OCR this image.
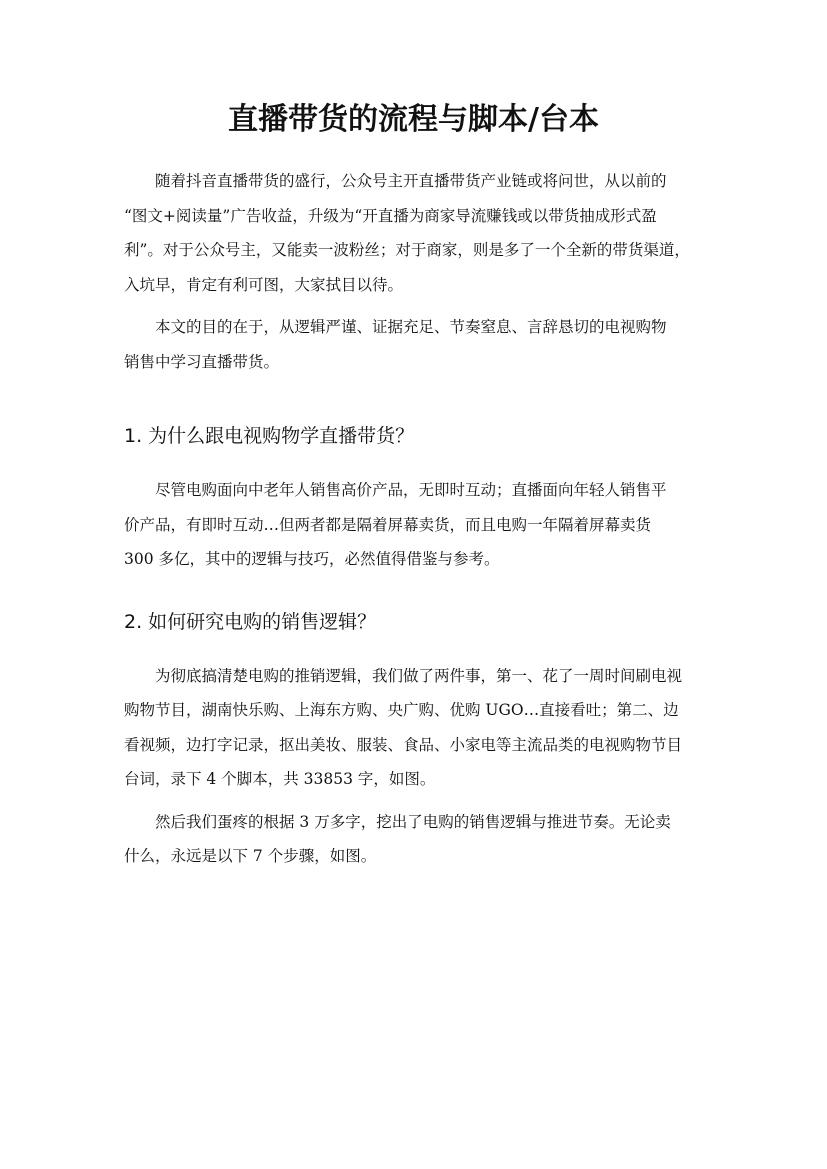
直播带货的流程与脚本/台本

随着抖音直播带货的盛行，公众号主开直播带货产业链或将问世，从以前的
“图文+阅读量”广告收益，升级为“开直播为商家导流赚钱或以带货抽成形式盈
利”。对于公众号主，又能卖一波粉丝；对于商家，则是多了一个全新的带货渠道，
入坑早，肯定有利可图，大家拭目以待。

本文的目的在于，从逻辑严谨、证据充足、节奏窒息、言辞恳切的电视购物
销售中学习直播带货。

1. 为什么跟电视购物学直播带货？

尽管电购面向中老年人销售高价产品，无即时互动；直播面向年轻人销售平
价产品，有即时互动…但两者都是隔着屏幕卖货，而且电购一年隔着屏幕卖货
300 多亿，其中的逻辑与技巧，必然值得借鉴与参考。

2. 如何研究电购的销售逻辑？

为彻底搞清楚电购的推销逻辑，我们做了两件事，第一、花了一周时间刷电视
购物节目，湖南快乐购、上海东方购、央广购、优购 UGO…直接看吐；第二、边
看视频，边打字记录，抠出美妆、服装、食品、小家电等主流品类的电视购物节目
台词，录下 4 个脚本，共 33853 字，如图。

然后我们蛋疼的根据 3 万多字，挖出了电购的销售逻辑与推进节奏。无论卖
什么，永远是以下 7 个步骤，如图。
